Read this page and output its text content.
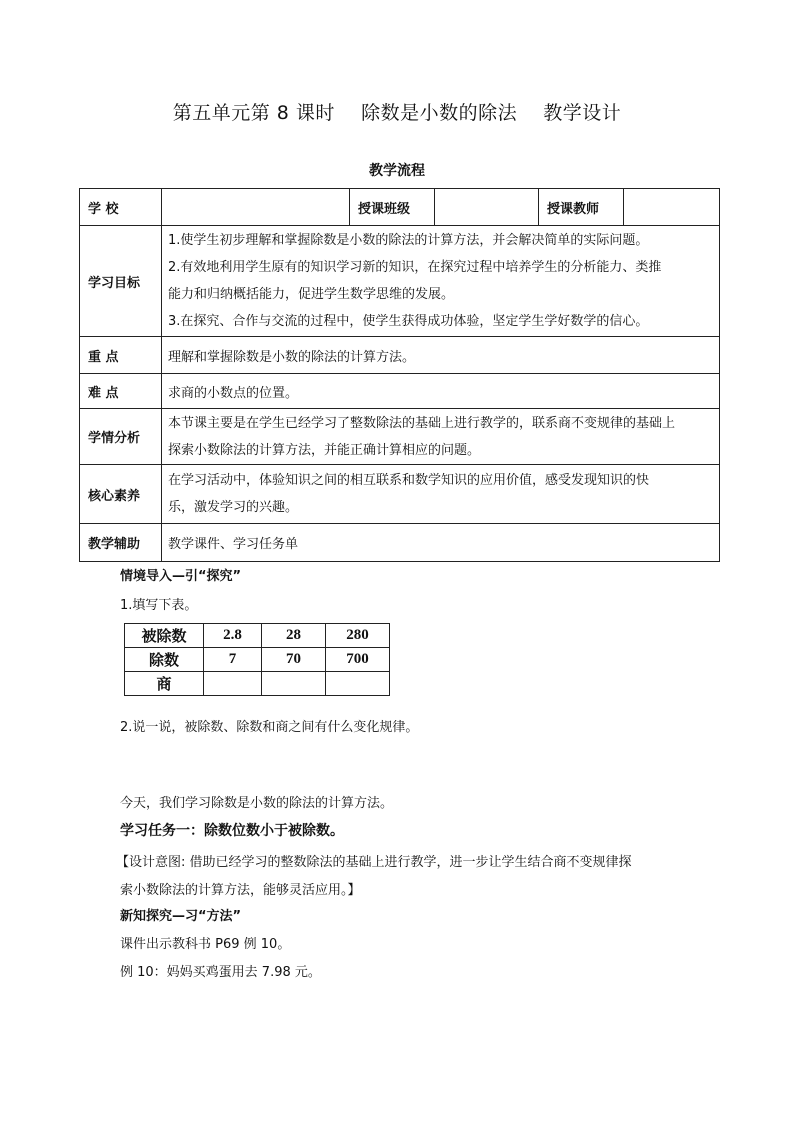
第五单元第 8 课时    除数是小数的除法    教学设计
教学流程
学 校		授课班级		授课教师	
学习目标	1.使学生初步理解和掌握除数是小数的除法的计算方法，并会解决简单的实际问题。

2.有效地利用学生原有的知识学习新的知识，在探究过程中培养学生的分析能力、类推

能力和归纳概括能力，促进学生数学思维的发展。

3.在探究、合作与交流的过程中，使学生获得成功体验，坚定学生学好数学的信心。				

重 点	理解和掌握除数是小数的除法的计算方法。				
难 点	求商的小数点的位置。				
学情分析	本节课主要是在学生已经学习了整数除法的基础上进行教学的，联系商不变规律的基础上

探索小数除法的计算方法，并能正确计算相应的问题。				

核心素养	在学习活动中，体验知识之间的相互联系和数学知识的应用价值，感受发现知识的快

乐，激发学习的兴趣。				

教学辅助	教学课件、学习任务单				
情境导入—引“探究”
1.填写下表。
被除数	2.8	28	280
除数	7	70	700
商			
2.说一说，被除数、除数和商之间有什么变化规律。
今天，我们学习除数是小数的除法的计算方法。
学习任务一：除数位数小于被除数。
【设计意图: 借助已经学习的整数除法的基础上进行教学，进一步让学生结合商不变规律探
索小数除法的计算方法，能够灵活应用。】
新知探究—习“方法”
课件出示教科书 P69 例 10。
例 10：妈妈买鸡蛋用去 7.98 元。
